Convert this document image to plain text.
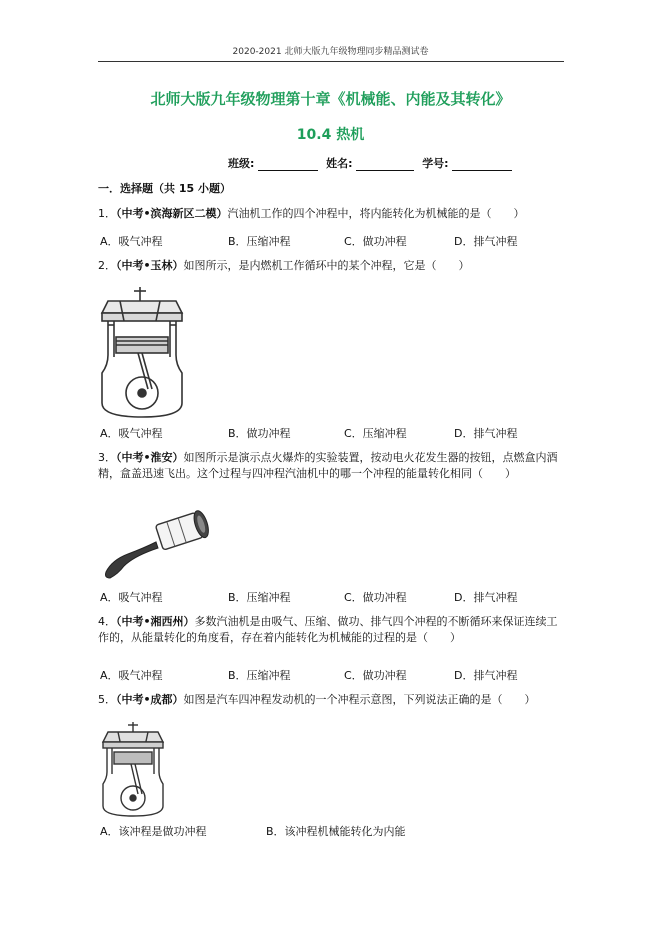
2020-2021 北师大版九年级物理同步精品测试卷
北师大版九年级物理第十章《机械能、内能及其转化》
10.4 热机
班级:	姓名:	学号:
一．选择题（共 15 小题）
1．（中考•滨海新区二模）汽油机工作的四个冲程中，将内能转化为机械能的是（　　）
A．吸气冲程	B．压缩冲程	C．做功冲程	D．排气冲程
2．（中考•玉林）如图所示，是内燃机工作循环中的某个冲程，它是（　　）
A．吸气冲程	B．做功冲程	C．压缩冲程	D．排气冲程
3．（中考•淮安）如图所示是演示点火爆炸的实验装置，按动电火花发生器的按钮，点燃盒内酒精，盒盖迅速飞出。这个过程与四冲程汽油机中的哪一个冲程的能量转化相同（　　）
A．吸气冲程	B．压缩冲程	C．做功冲程	D．排气冲程
4．（中考•湘西州）多数汽油机是由吸气、压缩、做功、排气四个冲程的不断循环来保证连续工作的，从能量转化的角度看，存在着内能转化为机械能的过程的是（　　）
A．吸气冲程	B．压缩冲程	C．做功冲程	D．排气冲程
5．（中考•成都）如图是汽车四冲程发动机的一个冲程示意图，下列说法正确的是（　　）
A．该冲程是做功冲程	B．该冲程机械能转化为内能
